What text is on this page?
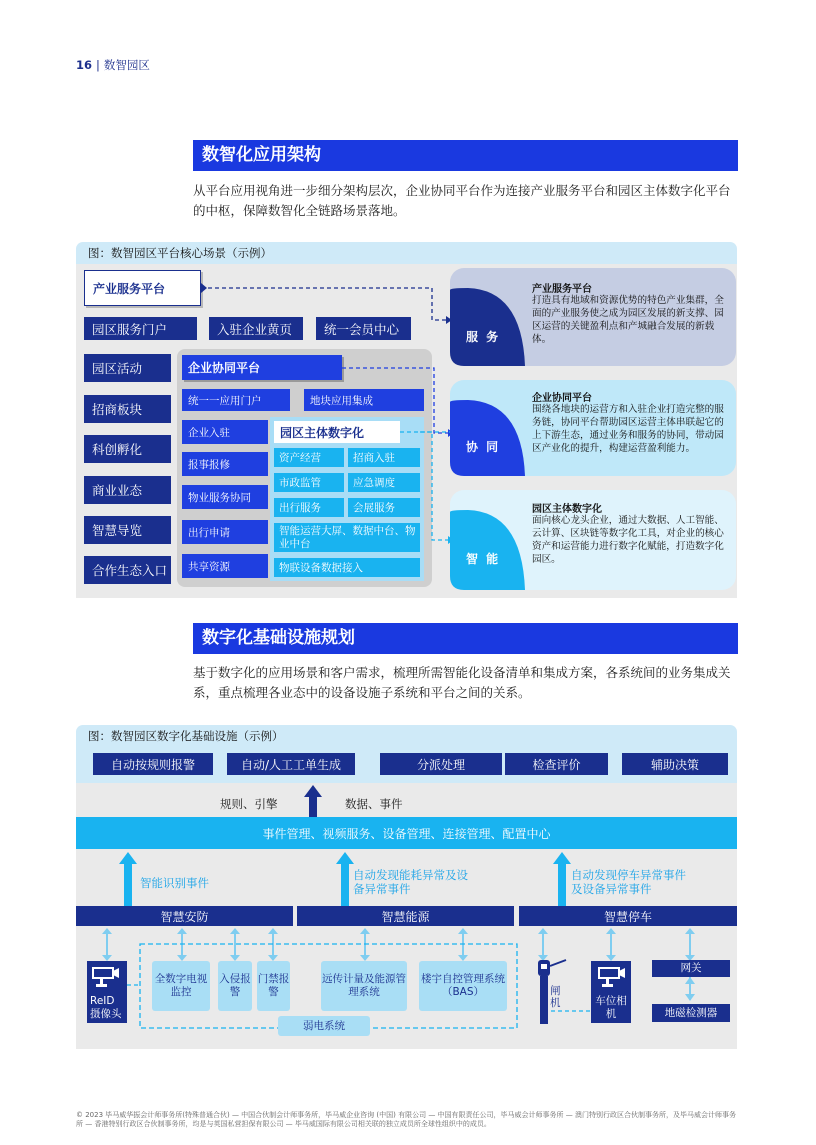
16 | 数智园区
数智化应用架构
从平台应用视角进一步细分架构层次，企业协同平台作为连接产业服务平台和园区主体数字化平台的中枢，保障数智化全链路场景落地。
图：数智园区平台核心场景（示例）
产业服务平台
园区服务门户	入驻企业黄页	统一会员中心
园区活动
招商板块
科创孵化
商业业态
智慧导览
合作生态入口
企业协同平台
统一一应用门户	地块应用集成
企业入驻
报事报修
物业服务协同
出行申请
共享资源
园区主体数字化
资产经营	招商入驻
市政监管	应急调度
出行服务	会展服务
智能运营大屏、数据中台、物业中台
物联设备数据接入
服 务
产业服务平台
打造具有地域和资源优势的特色产业集群，全面的产业服务使之成为园区发展的新支撑、园区运营的关键盈利点和产城融合发展的新载体。
协 同
企业协同平台
围绕各地块的运营方和入驻企业打造完整的服务链，协同平台帮助园区运营主体串联起它的上下游生态，通过业务和服务的协同，带动园区产业化的提升，构建运营盈利能力。
智 能
园区主体数字化
面向核心龙头企业，通过大数据、人工智能、云计算、区块链等数字化工具，对企业的核心资产和运营能力进行数字化赋能，打造数字化园区。
数字化基础设施规划
基于数字化的应用场景和客户需求，梳理所需智能化设备清单和集成方案，各系统间的业务集成关系，重点梳理各业态中的设备设施子系统和平台之间的关系。
图：数智园区数字化基础设施（示例）
自动按规则报警	自动/人工工单生成	分派处理	检查评价	辅助决策
规则、引擎	数据、事件
事件管理、视频服务、设备管理、连接管理、配置中心
智能识别事件
自动发现能耗异常及设备异常事件
自动发现停车异常事件及设备异常事件
智慧安防	智慧能源	智慧停车
ReID摄像头
全数字电视监控
入侵报警
门禁报警
远传计量及能源管理系统
楼宇自控管理系统（BAS）
弱电系统
闸机	车位相机
网关
地磁检测器
© 2023 毕马威华振会计师事务所(特殊普通合伙) — 中国合伙制会计师事务所，毕马威企业咨询 (中国) 有限公司 — 中国有限责任公司，毕马威会计师事务所 — 澳门特别行政区合伙制事务所，及毕马威会计师事务所 — 香港特别行政区合伙制事务所，均是与英国私营担保有限公司 — 毕马威国际有限公司相关联的独立成员所全球性组织中的成员。
